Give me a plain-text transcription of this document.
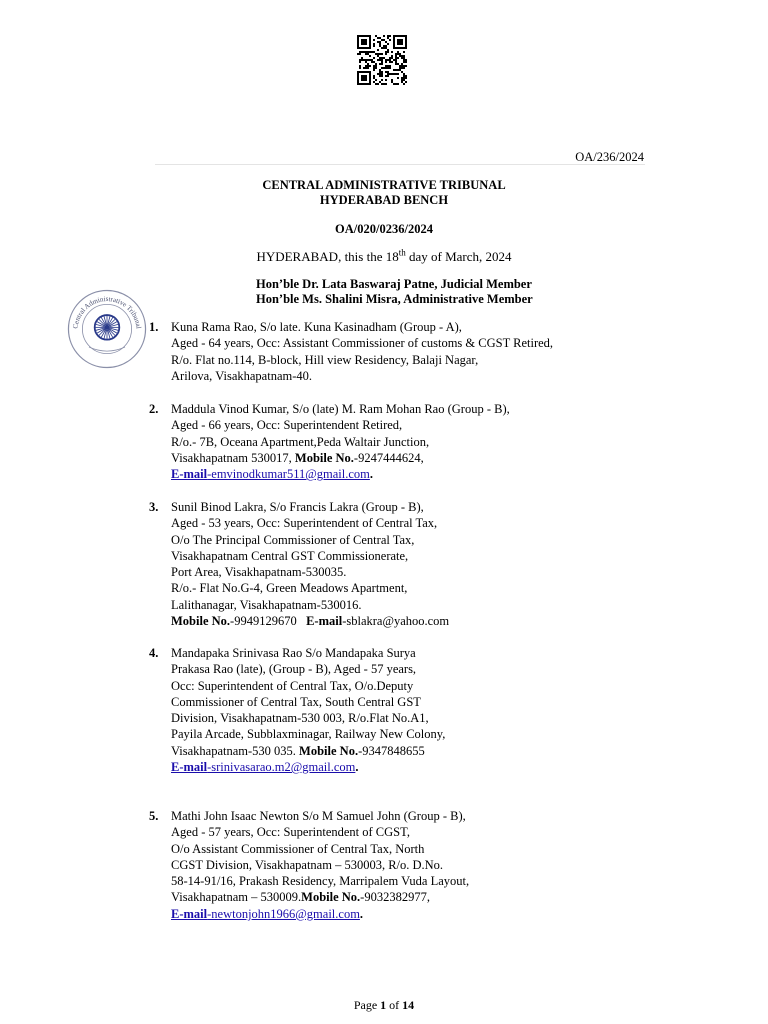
OA/236/2024
CENTRAL ADMINISTRATIVE TRIBUNAL
HYDERABAD BENCH
OA/020/0236/2024
HYDERABAD, this the 18th day of March, 2024
Hon’ble Dr. Lata Baswaraj Patne, Judicial Member
Hon’ble Ms. Shalini Misra, Administrative Member
Central Administrative Tribunal 1. Kuna Rama Rao, S/o late. Kuna Kasinadham (Group - A),
Aged - 64 years, Occ: Assistant Commissioner of customs & CGST Retired,
R/o. Flat no.114, B-block, Hill view Residency, Balaji Nagar,
Arilova, Visakhapatnam-40.
2. Maddula Vinod Kumar, S/o (late) M. Ram Mohan Rao (Group - B),
Aged - 66 years, Occ: Superintendent Retired,
R/o.- 7B, Oceana Apartment,Peda Waltair Junction,
Visakhapatnam 530017, Mobile No.-9247444624,
E-mail-emvinodkumar511@gmail.com.
3. Sunil Binod Lakra, S/o Francis Lakra (Group - B),
Aged - 53 years, Occ: Superintendent of Central Tax,
O/o The Principal Commissioner of Central Tax,
Visakhapatnam Central GST Commissionerate,
Port Area, Visakhapatnam-530035.
R/o.- Flat No.G-4, Green Meadows Apartment,
Lalithanagar, Visakhapatnam-530016.
Mobile No.-9949129670 E-mail-sblakra@yahoo.com
4. Mandapaka Srinivasa Rao S/o Mandapaka Surya
Prakasa Rao (late), (Group - B), Aged - 57 years,
Occ: Superintendent of Central Tax, O/o.Deputy
Commissioner of Central Tax, South Central GST
Division, Visakhapatnam-530 003, R/o.Flat No.A1,
Payila Arcade, Subblaxminagar, Railway New Colony,
Visakhapatnam-530 035. Mobile No.-9347848655
E-mail-srinivasarao.m2@gmail.com.
5. Mathi John Isaac Newton S/o M Samuel John (Group - B),
Aged - 57 years, Occ: Superintendent of CGST,
O/o Assistant Commissioner of Central Tax, North
CGST Division, Visakhapatnam – 530003, R/o. D.No.
58-14-91/16, Prakash Residency, Marripalem Vuda Layout,
Visakhapatnam – 530009.Mobile No.-9032382977,
E-mail-newtonjohn1966@gmail.com.
Page 1 of 14
